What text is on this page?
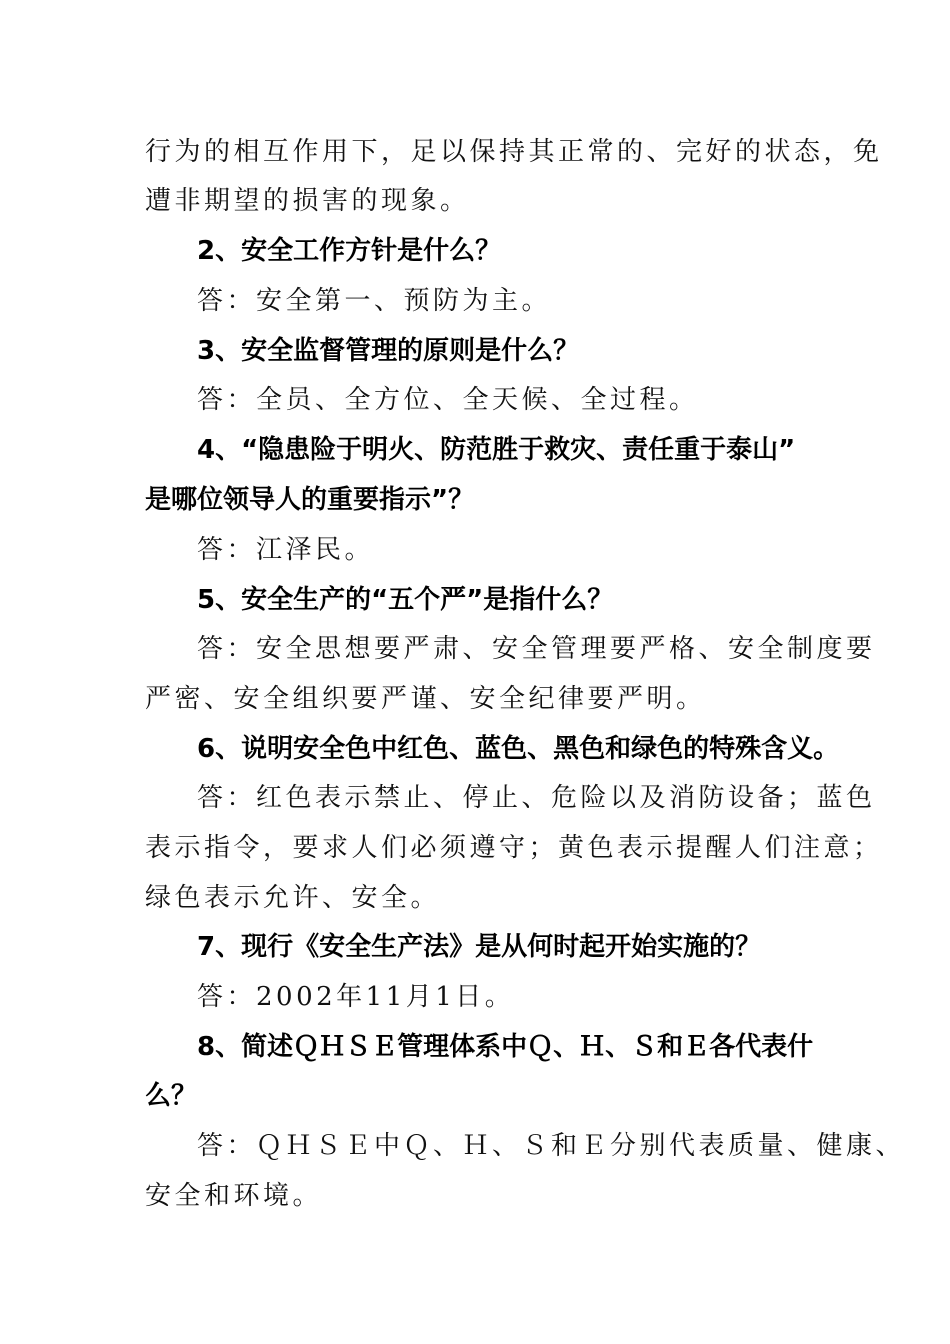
行为的相互作用下，足以保持其正常的、完好的状态，免
遭非期望的损害的现象。
2、安全工作方针是什么？
答：安全第一、预防为主。
3、安全监督管理的原则是什么？
答：全员、全方位、全天候、全过程。
4、“隐患险于明火、防范胜于救灾、责任重于泰山”
是哪位领导人的重要指示”？
答：江泽民。
5、安全生产的“五个严”是指什么？
答：安全思想要严肃、安全管理要严格、安全制度要
严密、安全组织要严谨、安全纪律要严明。
6、说明安全色中红色、蓝色、黑色和绿色的特殊含义。
答：红色表示禁止、停止、危险以及消防设备；蓝色
表示指令，要求人们必须遵守；黄色表示提醒人们注意；
绿色表示允许、安全。
7、现行《安全生产法》是从何时起开始实施的？
答：2002年11月1日。
8、简述ＱＨＳＥ管理体系中Ｑ、Ｈ、Ｓ和Ｅ各代表什
么？
答：ＱＨＳＥ中Ｑ、Ｈ、Ｓ和Ｅ分别代表质量、健康、
安全和环境。
